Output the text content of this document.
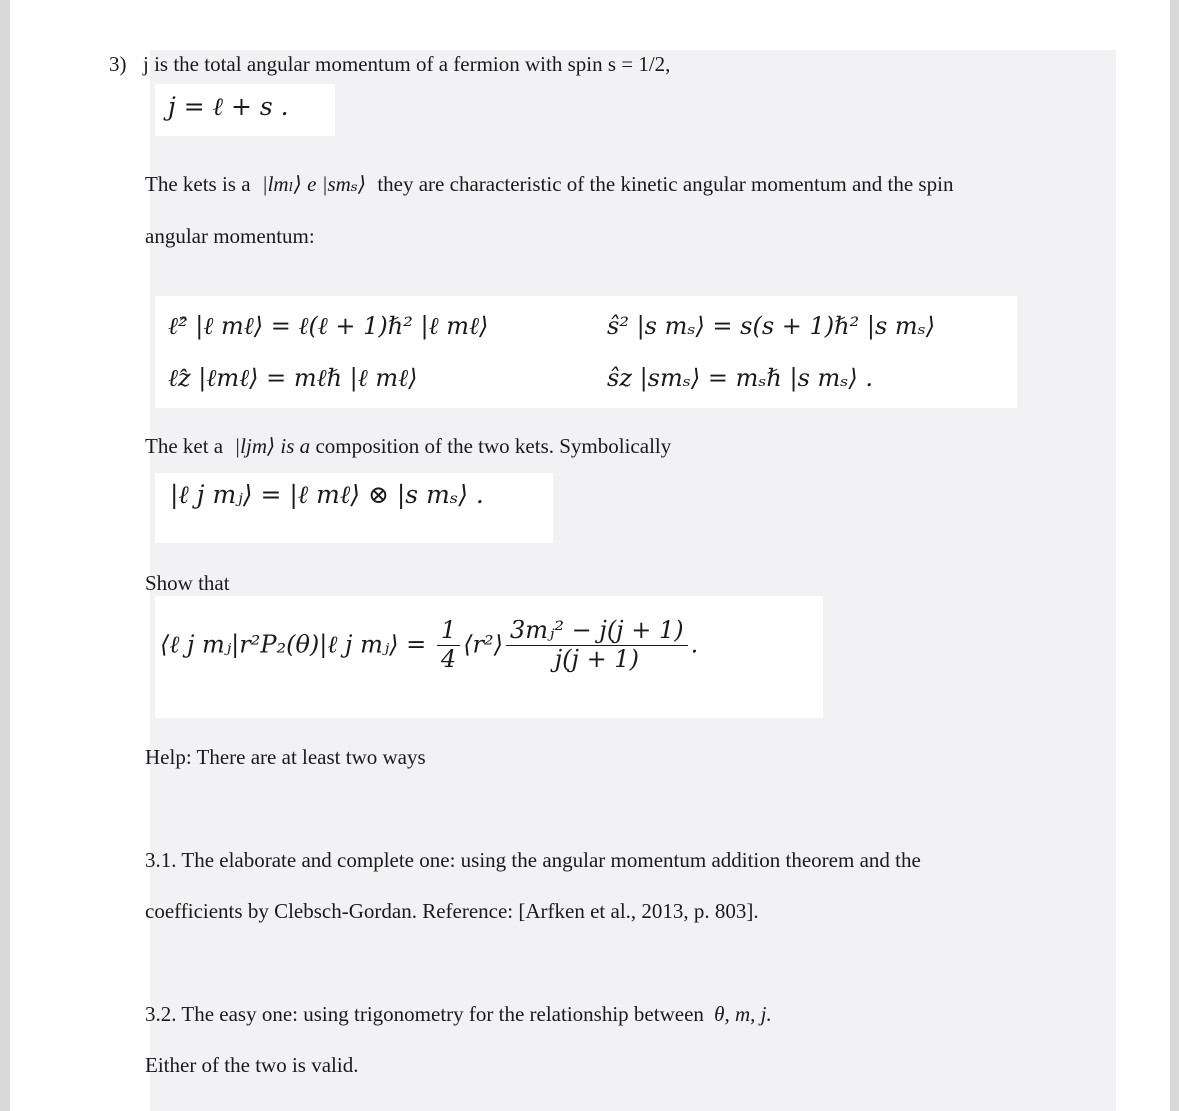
3) j is the total angular momentum of a fermion with spin s = 1/2,
j = ℓ + s .
The kets is a |lmₗ⟩ e |smₛ⟩ they are characteristic of the kinetic angular momentum and the spin
angular momentum:
ℓ̂² |ℓ mℓ⟩ = ℓ(ℓ + 1)ℏ² |ℓ mℓ⟩	ŝ² |s mₛ⟩ = s(s + 1)ℏ² |s mₛ⟩
ℓ̂𝑧 |ℓmℓ⟩ = mℓℏ |ℓ mℓ⟩	ŝ𝑧 |smₛ⟩ = mₛℏ |s mₛ⟩ .
The ket a |ljm⟩ is a composition of the two kets. Symbolically
|ℓ j mⱼ⟩ = |ℓ mℓ⟩ ⊗ |s mₛ⟩ .
Show that
⟨ℓ j mⱼ|r²P₂(θ)|ℓ j mⱼ⟩ = $\frac{1}{4}$ ⟨r²⟩ $\frac{\text{3mⱼ² − j(j + 1)}}{j(j + 1)}$ .
Help: There are at least two ways
3.1. The elaborate and complete one: using the angular momentum addition theorem and the
coefficients by Clebsch-Gordan. Reference: [Arfken et al., 2013, p. 803].
3.2. The easy one: using trigonometry for the relationship between θ, m, j.
Either of the two is valid.
